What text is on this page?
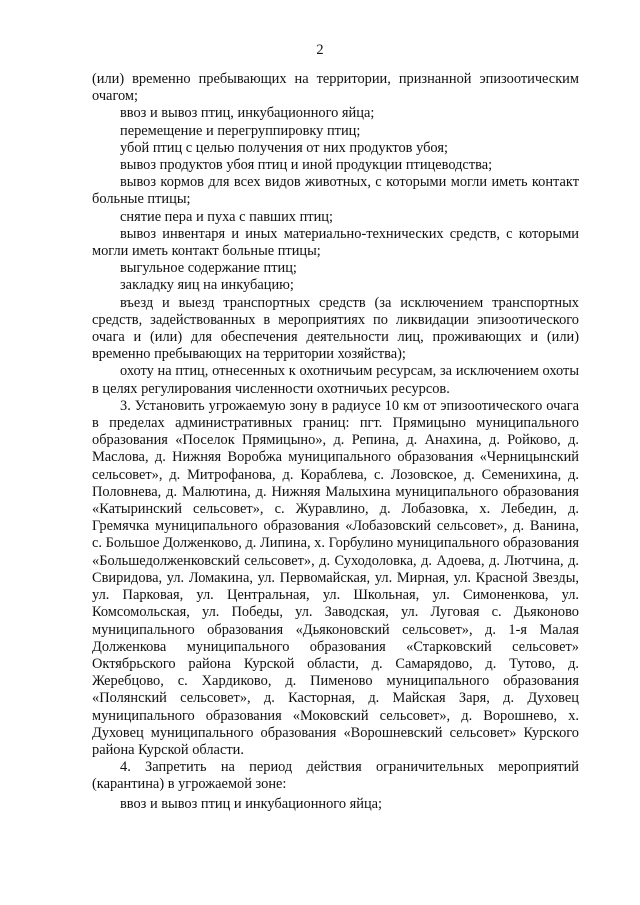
2

(или) временно пребывающих на территории, признанной эпизоотическим очагом;

ввоз и вывоз птиц, инкубационного яйца;

перемещение и перегруппировку птиц;

убой птиц с целью получения от них продуктов убоя;

вывоз продуктов убоя птиц и иной продукции птицеводства;

вывоз кормов для всех видов животных, с которыми могли иметь контакт больные птицы;

снятие пера и пуха с павших птиц;

вывоз инвентаря и иных материально-технических средств, с которыми могли иметь контакт больные птицы;

выгульное содержание птиц;

закладку яиц на инкубацию;

въезд и выезд транспортных средств (за исключением транспортных средств, задействованных в мероприятиях по ликвидации эпизоотического очага и (или) для обеспечения деятельности лиц, проживающих и (или) временно пребывающих на территории хозяйства);

охоту на птиц, отнесенных к охотничьим ресурсам, за исключением охоты в целях регулирования численности охотничьих ресурсов.

3. Установить угрожаемую зону в радиусе 10 км от эпизоотического очага в пределах административных границ: пгт. Прямицыно муниципального образования «Поселок Прямицыно», д. Репина, д. Анахина, д. Ройково, д. Маслова, д. Нижняя Воробжа муниципального образования «Черницынский сельсовет», д. Митрофанова, д. Кораблева, с. Лозовское, д. Семенихина, д. Половнева, д. Малютина, д. Нижняя Малыхина муниципального образования «Катыринский сельсовет», с. Журавлино, д. Лобазовка, х. Лебедин, д. Гремячка муниципального образования «Лобазовский сельсовет», д. Ванина, с. Большое Долженково, д. Липина, х. Горбулино муниципального образования «Большедолженковский сельсовет», д. Суходоловка, д. Адоева, д. Лютчина, д. Свиридова, ул. Ломакина, ул. Первомайская, ул. Мирная, ул. Красной Звезды, ул. Парковая, ул. Центральная, ул. Школьная, ул. Симоненкова, ул. Комсомольская, ул. Победы, ул. Заводская, ул. Луговая с. Дьяконово муниципального образования «Дьяконовский сельсовет», д. 1-я Малая Долженкова муниципального образования «Старковский сельсовет» Октябрьского района Курской области, д. Самарядово, д. Тутово, д. Жеребцово, с. Хардиково, д. Пименово муниципального образования «Полянский сельсовет», д. Касторная, д. Майская Заря, д. Духовец муниципального образования «Моковский сельсовет», д. Ворошнево, х. Духовец муниципального образования «Ворошневский сельсовет» Курского района Курской области.

4. Запретить на период действия ограничительных мероприятий (карантина) в угрожаемой зоне:

ввоз и вывоз птиц и инкубационного яйца;
